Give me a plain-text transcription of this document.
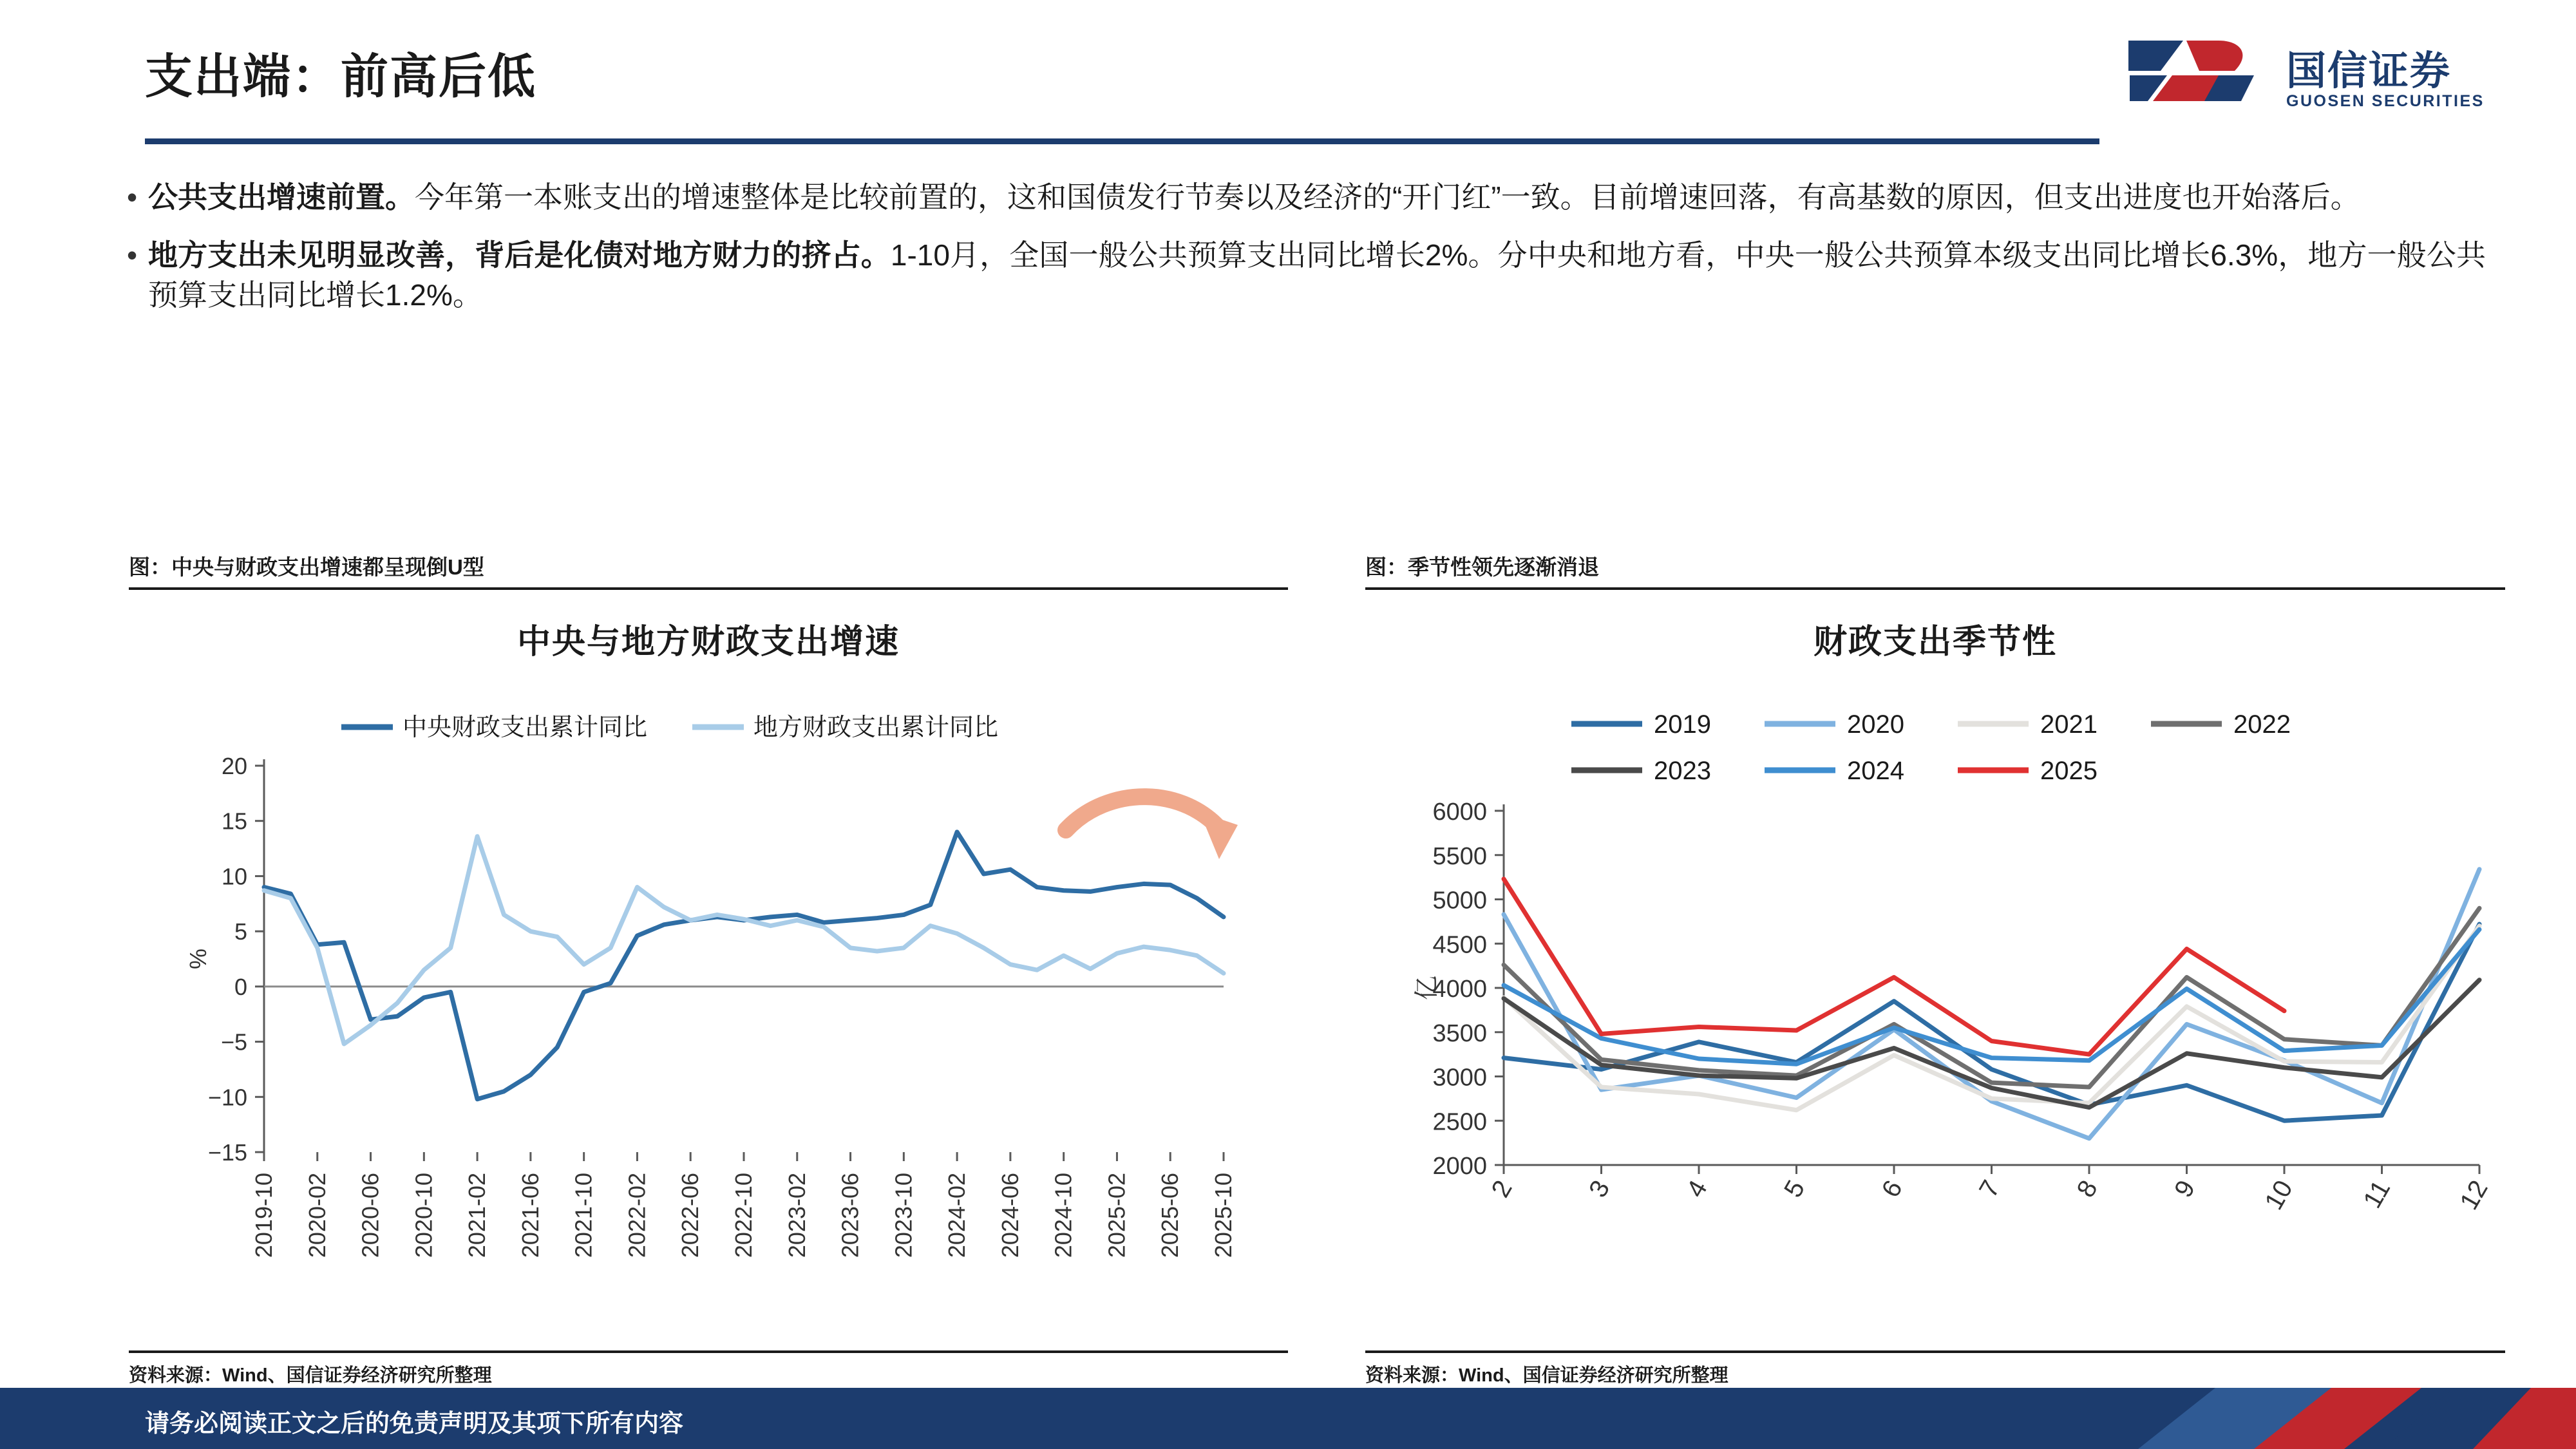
支出端：前高后低	国信证券
GUOSEN SECURITIES
• 公共支出增速前置。今年第一本账支出的增速整体是比较前置的，这和国债发行节奏以及经济的“开门红”一致。目前增速回落，有高基数的原因，但支出进度也开始落后。
• 地方支出未见明显改善，背后是化债对地方财力的挤占。1-10月，全国一般公共预算支出同比增长2%。分中央和地方看，中央一般公共预算本级支出同比增长6.3%，地方一般公共预算支出同比增长1.2%。
图：中央与财政支出增速都呈现倒U型
中央与地方财政支出增速
中央财政支出累计同比	地方财政支出累计同比
−15
−10
−5
0
5
10
15
20
%
2019-10 2020-02 2020-06 2020-10 2021-02 2021-06 2021-10 2022-02 2022-06 2022-10 2023-02 2023-06 2023-10 2024-02 2024-06 2024-10 2025-02 2025-06 2025-10
资料来源：Wind、国信证券经济研究所整理
图：季节性领先逐渐消退
财政支出季节性
2019	2020	2021	2022
2023	2024	2025
2000
2500
3000
3500
4000
4500
5000
5500
6000
亿
2	3	4	5	6	7	8	9 10 11 12
资料来源：Wind、国信证券经济研究所整理
请务必阅读正文之后的免责声明及其项下所有内容
